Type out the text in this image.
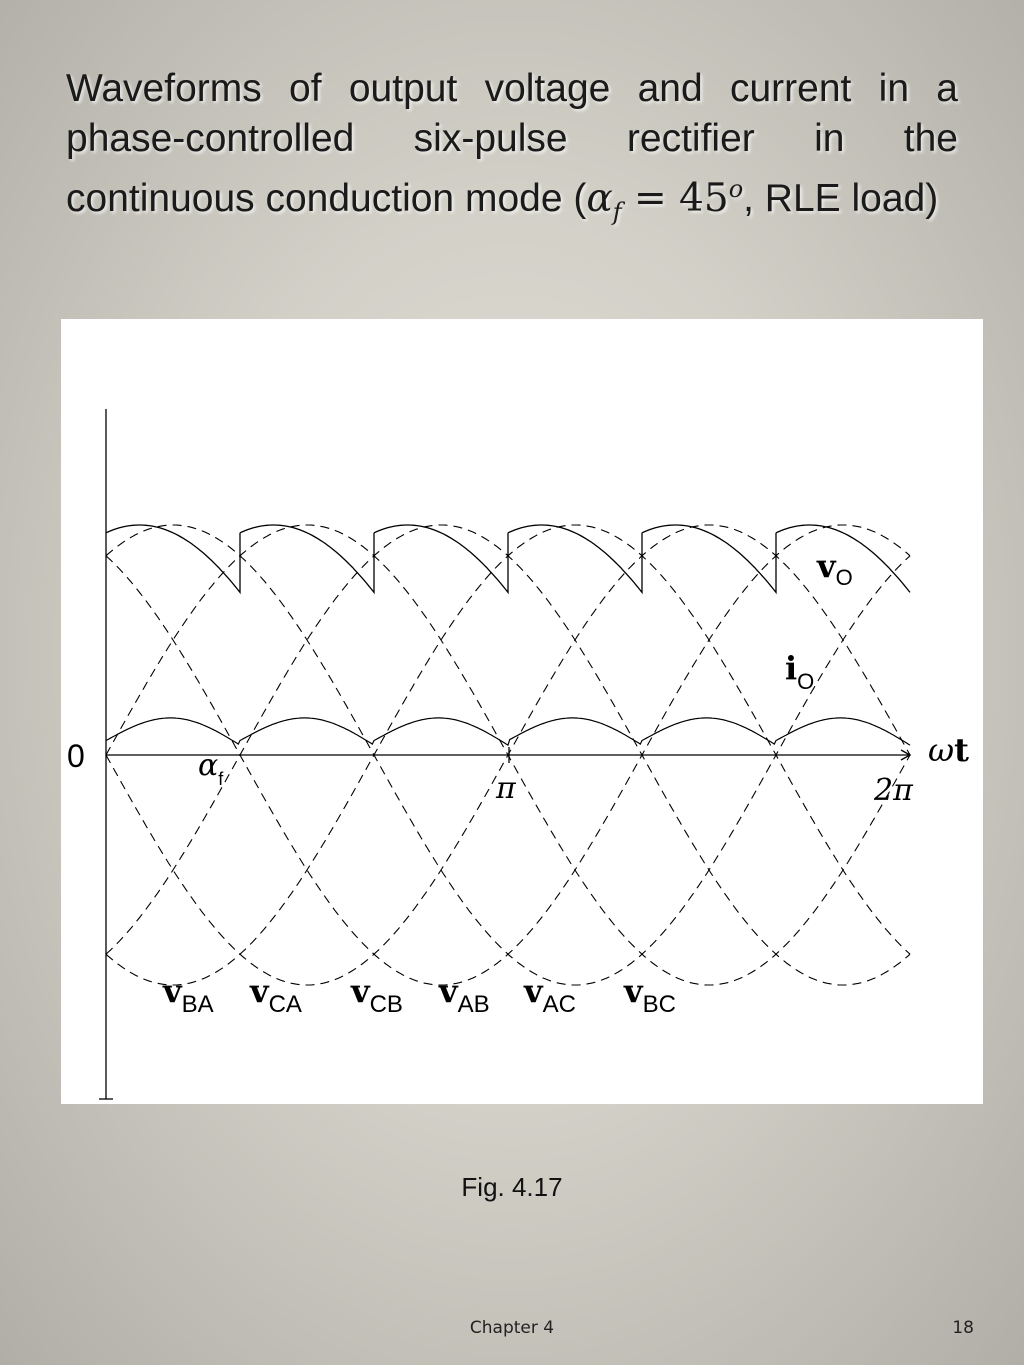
Waveforms of output voltage and current in a phase-controlled six-pulse rectifier in the continuous conduction mode ($\alpha_f = 45^o$, RLE load)
0	$\alpha_f$	π	2π
ωt
$v_O$
$i_O$
$v_{BA}$ $v_{CA}$ $v_{CB}$ $v_{AB}$ $v_{AC}$ $v_{BC}$
Fig. 4.17
Chapter 4	18
